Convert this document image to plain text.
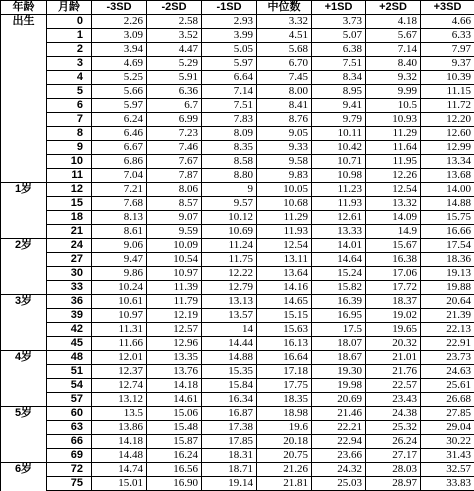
年龄	月龄	-3SD	-2SD	-1SD	中位数	+1SD	+2SD	+3SD
出生	0	2.26	2.58	2.93	3.32	3.73	4.18	4.66
	1	3.09	3.52	3.99	4.51	5.07	5.67	6.33
	2	3.94	4.47	5.05	5.68	6.38	7.14	7.97
	3	4.69	5.29	5.97	6.70	7.51	8.40	9.37
	4	5.25	5.91	6.64	7.45	8.34	9.32	10.39
	5	5.66	6.36	7.14	8.00	8.95	9.99	11.15
	6	5.97	6.7	7.51	8.41	9.41	10.5	11.72
	7	6.24	6.99	7.83	8.76	9.79	10.93	12.20
	8	6.46	7.23	8.09	9.05	10.11	11.29	12.60
	9	6.67	7.46	8.35	9.33	10.42	11.64	12.99
	10	6.86	7.67	8.58	9.58	10.71	11.95	13.34
	11	7.04	7.87	8.80	9.83	10.98	12.26	13.68
1岁	12	7.21	8.06	9	10.05	11.23	12.54	14.00
	15	7.68	8.57	9.57	10.68	11.93	13.32	14.88
	18	8.13	9.07	10.12	11.29	12.61	14.09	15.75
	21	8.61	9.59	10.69	11.93	13.33	14.9	16.66
2岁	24	9.06	10.09	11.24	12.54	14.01	15.67	17.54
	27	9.47	10.54	11.75	13.11	14.64	16.38	18.36
	30	9.86	10.97	12.22	13.64	15.24	17.06	19.13
	33	10.24	11.39	12.79	14.16	15.82	17.72	19.88
3岁	36	10.61	11.79	13.13	14.65	16.39	18.37	20.64
	39	10.97	12.19	13.57	15.15	16.95	19.02	21.39
	42	11.31	12.57	14	15.63	17.5	19.65	22.13
	45	11.66	12.96	14.44	16.13	18.07	20.32	22.91
4岁	48	12.01	13.35	14.88	16.64	18.67	21.01	23.73
	51	12.37	13.76	15.35	17.18	19.30	21.76	24.63
	54	12.74	14.18	15.84	17.75	19.98	22.57	25.61
	57	13.12	14.61	16.34	18.35	20.69	23.43	26.68
5岁	60	13.5	15.06	16.87	18.98	21.46	24.38	27.85
	63	13.86	15.48	17.38	19.6	22.21	25.32	29.04
	66	14.18	15.87	17.85	20.18	22.94	26.24	30.22
	69	14.48	16.24	18.31	20.75	23.66	27.17	31.43
6岁	72	14.74	16.56	18.71	21.26	24.32	28.03	32.57
	75	15.01	16.90	19.14	21.81	25.03	28.97	33.83
